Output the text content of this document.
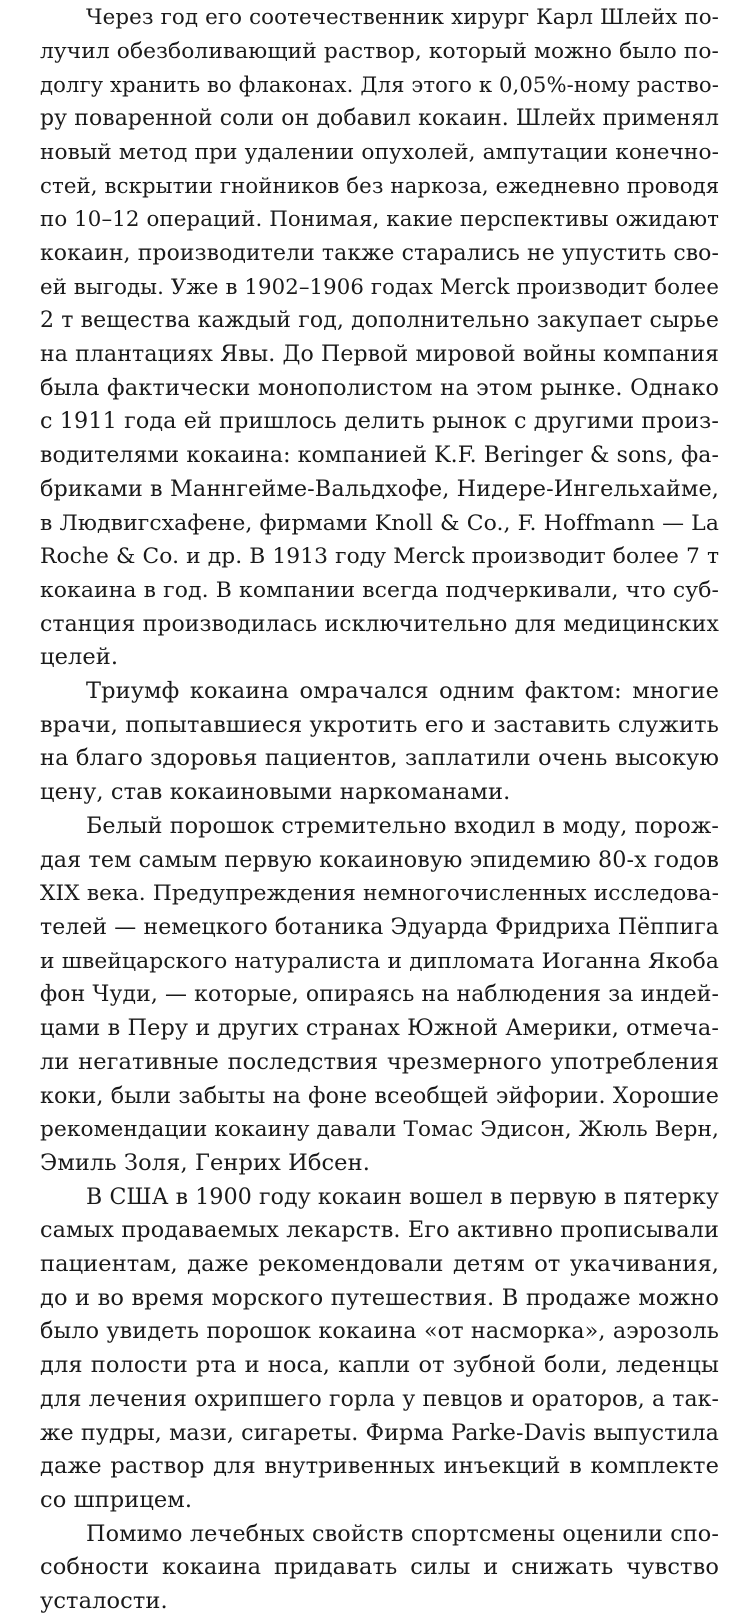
Через год его соотечественник хирург Карл Шлейх по-
лучил обезболивающий раствор, который можно было по-
долгу хранить во флаконах. Для этого к 0,05%-ному раство-
ру поваренной соли он добавил кокаин. Шлейх применял
новый метод при удалении опухолей, ампутации конечно-
стей, вскрытии гнойников без наркоза, ежедневно проводя
по 10–12 операций. Понимая, какие перспективы ожидают
кокаин, производители также старались не упустить сво-
ей выгоды. Уже в 1902–1906 годах Merck производит более
2 т вещества каждый год, дополнительно закупает сырье
на плантациях Явы. До Первой мировой войны компания
была фактически монополистом на этом рынке. Однако
с 1911 года ей пришлось делить рынок с другими произ-
водителями кокаина: компанией K.F. Beringer & sons, фа-
бриками в Маннгейме-Вальдхофе, Нидере-Ингельхайме,
в Людвигсхафене, фирмами Knoll & Co., F. Hoffmann — La
Roche & Co. и др. В 1913 году Merck производит более 7 т
кокаина в год. В компании всегда подчеркивали, что суб-
станция производилась исключительно для медицинских
целей.
Триумф кокаина омрачался одним фактом: многие
врачи, попытавшиеся укротить его и заставить служить
на благо здоровья пациентов, заплатили очень высокую
цену, став кокаиновыми наркоманами.
Белый порошок стремительно входил в моду, порож-
дая тем самым первую кокаиновую эпидемию 80-х годов
XIX века. Предупреждения немногочисленных исследова-
телей — немецкого ботаника Эдуарда Фридриха Пёппига
и швейцарского натуралиста и дипломата Иоганна Якоба
фон Чуди, — которые, опираясь на наблюдения за индей-
цами в Перу и других странах Южной Америки, отмеча-
ли негативные последствия чрезмерного употребления
коки, были забыты на фоне всеобщей эйфории. Хорошие
рекомендации кокаину давали Томас Эдисон, Жюль Верн,
Эмиль Золя, Генрих Ибсен.
В США в 1900 году кокаин вошел в первую в пятерку
самых продаваемых лекарств. Его активно прописывали
пациентам, даже рекомендовали детям от укачивания,
до и во время морского путешествия. В продаже можно
было увидеть порошок кокаина «от насморка», аэрозоль
для полости рта и носа, капли от зубной боли, леденцы
для лечения охрипшего горла у певцов и ораторов, а так-
же пудры, мази, сигареты. Фирма Parke-Davis выпустила
даже раствор для внутривенных инъекций в комплекте
со шприцем.
Помимо лечебных свойств спортсмены оценили спо-
собности кокаина придавать силы и снижать чувство
усталости.
